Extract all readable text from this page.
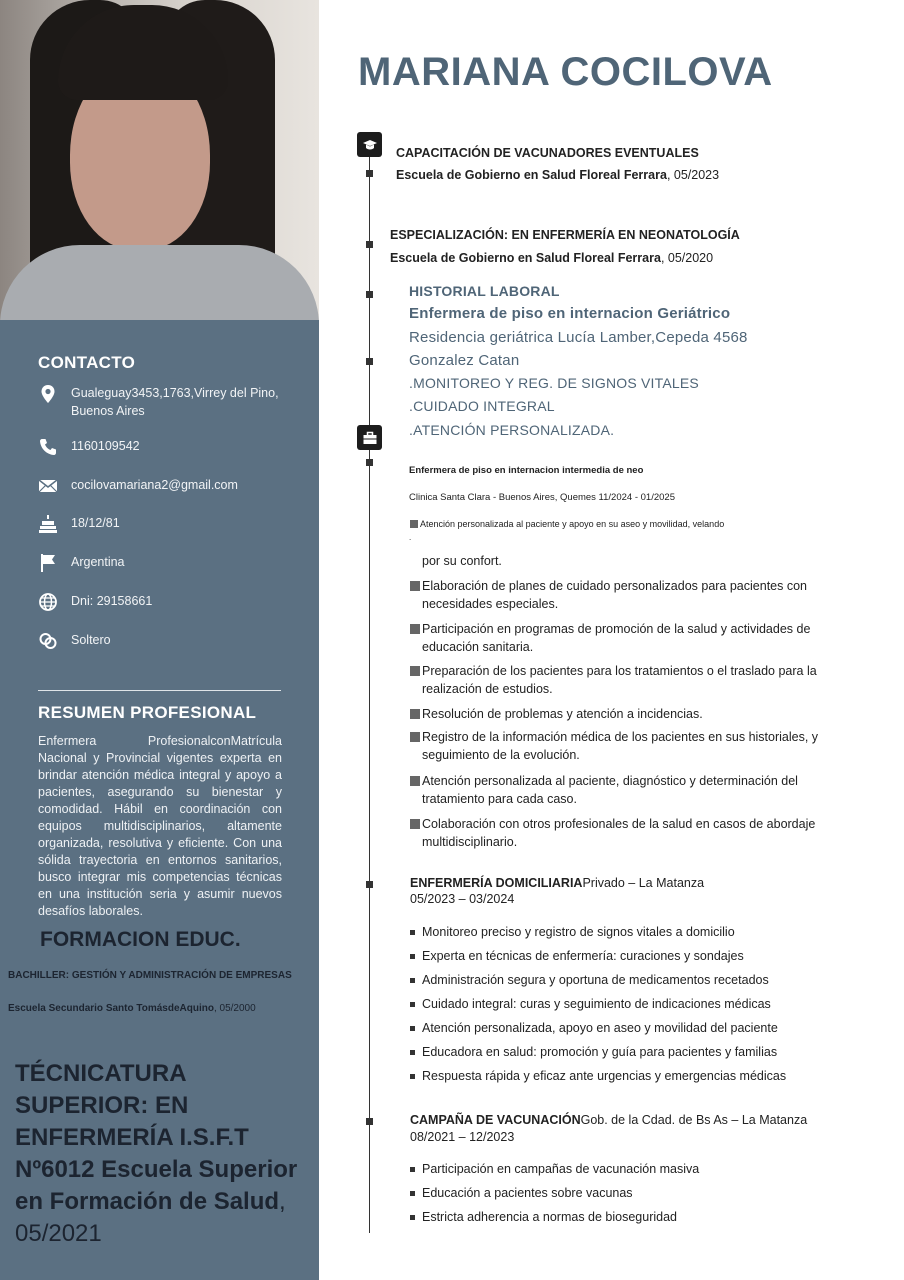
CONTACTO
Gualeguay3453,1763,Virrey del Pino, Buenos Aires
1160109542
cocilovamariana2@gmail.com
18/12/81
Argentina
Dni: 29158661
Soltero
RESUMEN PROFESIONAL
Enfermera ProfesionalconMatrícula Nacional y Provincial vigentes experta en brindar atención médica integral y apoyo a pacientes, asegurando su bienestar y comodidad. Hábil en coordinación con equipos multidisciplinarios, altamente organizada, resolutiva y eficiente. Con una sólida trayectoria en entornos sanitarios, busco integrar mis competencias técnicas en una institución seria y asumir nuevos desafíos laborales.
FORMACION EDUC.
BACHILLER: GESTIÓN Y ADMINISTRACIÓN DE EMPRESAS
Escuela Secundario Santo TomásdeAquino, 05/2000
TÉCNICATURA SUPERIOR: EN ENFERMERÍA I.S.F.T Nº6012 Escuela Superior en Formación de Salud, 05/2021
MARIANA COCILOVA
CAPACITACIÓN DE VACUNADORES EVENTUALES
Escuela de Gobierno en Salud Floreal Ferrara, 05/2023
ESPECIALIZACIÓN: EN ENFERMERÍA EN NEONATOLOGÍA
Escuela de Gobierno en Salud Floreal Ferrara, 05/2020
HISTORIAL LABORAL
Enfermera de piso en internacion Geriátrico
Residencia geriátrica Lucía Lamber,Cepeda 4568
Gonzalez Catan
.MONITOREO Y REG. DE SIGNOS VITALES
.CUIDADO INTEGRAL
.ATENCIÓN PERSONALIZADA.
Enfermera de piso en internacion intermedia de neo
Clinica Santa Clara - Buenos Aires, Quemes 11/2024 - 01/2025
Atención personalizada al paciente y apoyo en su aseo y movilidad, velando
.
por su confort.
Elaboración de planes de cuidado personalizados para pacientes con
necesidades especiales.
Participación en programas de promoción de la salud y actividades de
educación sanitaria.
Preparación de los pacientes para los tratamientos o el traslado para la
realización de estudios.
Resolución de problemas y atención a incidencias.
Registro de la información médica de los pacientes en sus historiales, y
seguimiento de la evolución.
Atención personalizada al paciente, diagnóstico y determinación del
tratamiento para cada caso.
Colaboración con otros profesionales de la salud en casos de abordaje
multidisciplinario.
ENFERMERÍA DOMICILIARIAPrivado – La Matanza
05/2023 – 03/2024
Monitoreo preciso y registro de signos vitales a domicilio
Experta en técnicas de enfermería: curaciones y sondajes
Administración segura y oportuna de medicamentos recetados
Cuidado integral: curas y seguimiento de indicaciones médicas
Atención personalizada, apoyo en aseo y movilidad del paciente
Educadora en salud: promoción y guía para pacientes y familias
Respuesta rápida y eficaz ante urgencias y emergencias médicas
CAMPAÑA DE VACUNACIÓNGob. de la Cdad. de Bs As – La Matanza
08/2021 – 12/2023
Participación en campañas de vacunación masiva
Educación a pacientes sobre vacunas
Estricta adherencia a normas de bioseguridad
